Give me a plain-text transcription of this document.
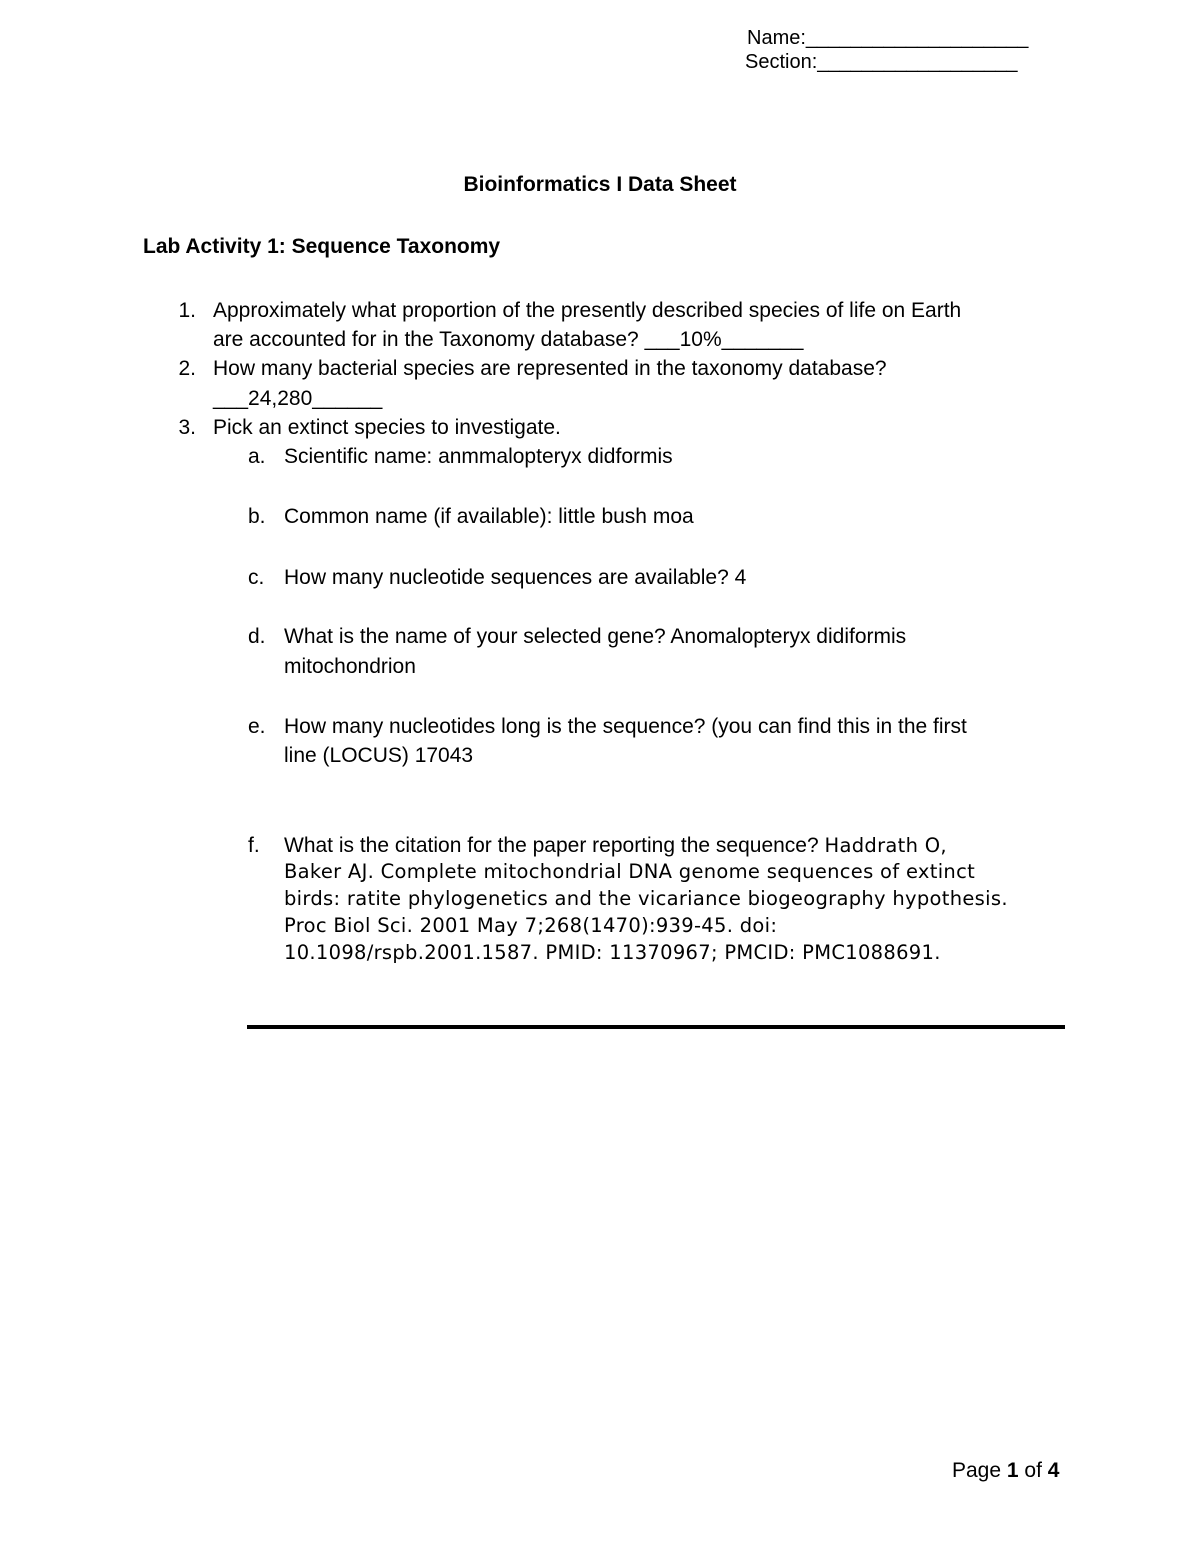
Name:____________________
Section:__________________
Bioinformatics I Data Sheet
Lab Activity 1: Sequence Taxonomy
1. Approximately what proportion of the presently described species of life on Earth
are accounted for in the Taxonomy database? ___10%_______
2. How many bacterial species are represented in the taxonomy database?
___24,280______
3. Pick an extinct species to investigate.
a. Scientific name: anmmalopteryx didformis
b. Common name (if available): little bush moa
c. How many nucleotide sequences are available? 4
d. What is the name of your selected gene? Anomalopteryx didiformis
mitochondrion
e. How many nucleotides long is the sequence? (you can find this in the first
line (LOCUS) 17043
f. What is the citation for the paper reporting the sequence? Haddrath O,
Baker AJ. Complete mitochondrial DNA genome sequences of extinct
birds: ratite phylogenetics and the vicariance biogeography hypothesis.
Proc Biol Sci. 2001 May 7;268(1470):939-45. doi:
10.1098/rspb.2001.1587. PMID: 11370967; PMCID: PMC1088691.
Page 1 of 4
